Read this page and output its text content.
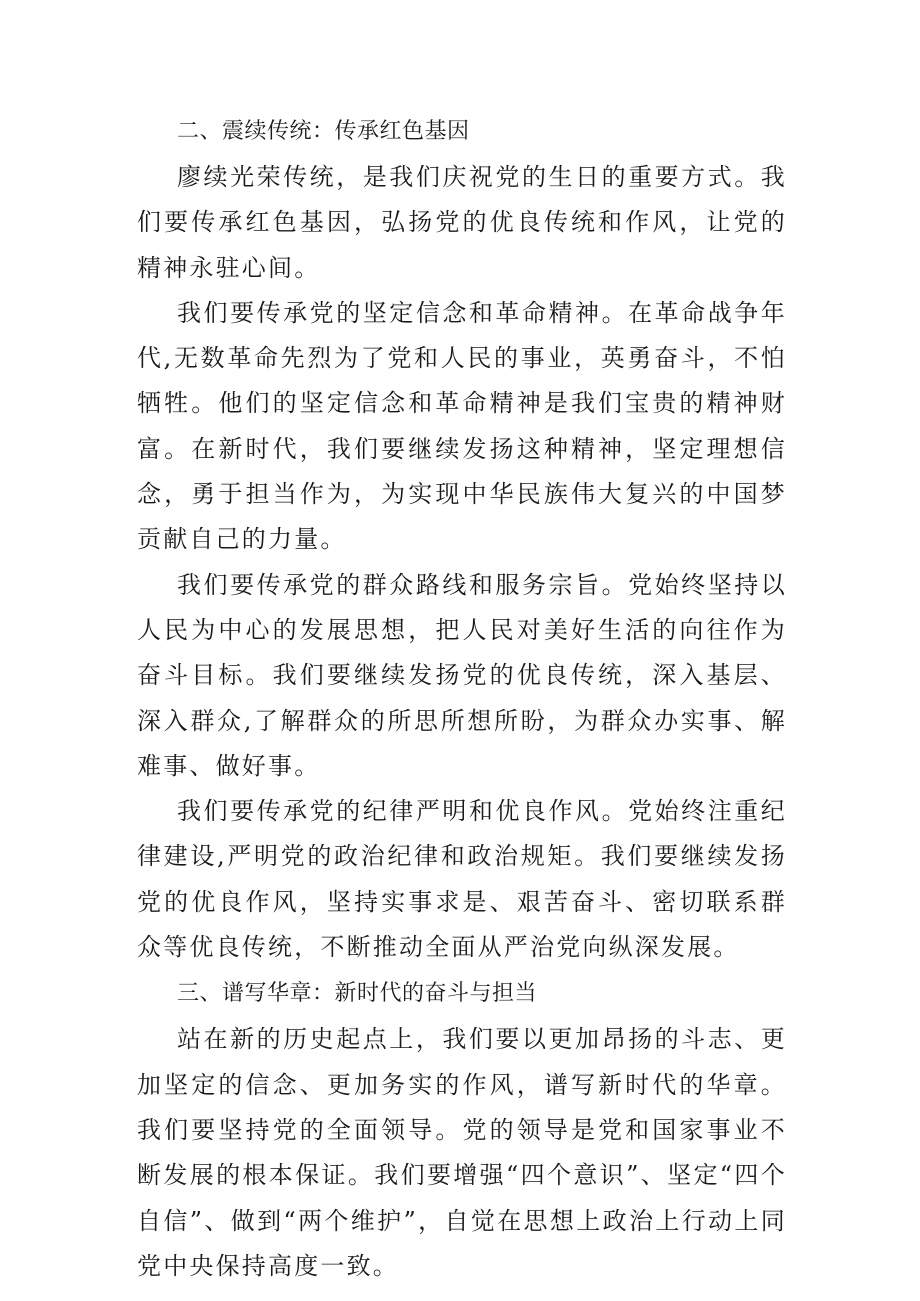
二、震续传统：传承红色基因

廖续光荣传统，是我们庆祝党的生日的重要方式。我们要传承红色基因，弘扬党的优良传统和作风，让党的精神永驻心间。

我们要传承党的坚定信念和革命精神。在革命战争年代,无数革命先烈为了党和人民的事业，英勇奋斗，不怕牺牲。他们的坚定信念和革命精神是我们宝贵的精神财富。在新时代，我们要继续发扬这种精神，坚定理想信念，勇于担当作为，为实现中华民族伟大复兴的中国梦贡献自己的力量。

我们要传承党的群众路线和服务宗旨。党始终坚持以人民为中心的发展思想，把人民对美好生活的向往作为奋斗目标。我们要继续发扬党的优良传统，深入基层、深入群众,了解群众的所思所想所盼，为群众办实事、解难事、做好事。

我们要传承党的纪律严明和优良作风。党始终注重纪律建设,严明党的政治纪律和政治规矩。我们要继续发扬党的优良作风，坚持实事求是、艰苦奋斗、密切联系群众等优良传统，不断推动全面从严治党向纵深发展。

三、谱写华章：新时代的奋斗与担当

站在新的历史起点上，我们要以更加昂扬的斗志、更加坚定的信念、更加务实的作风，谱写新时代的华章。我们要坚持党的全面领导。党的领导是党和国家事业不断发展的根本保证。我们要增强“四个意识”、坚定“四个自信”、做到“两个维护”，自觉在思想上政治上行动上同党中央保持高度一致。
